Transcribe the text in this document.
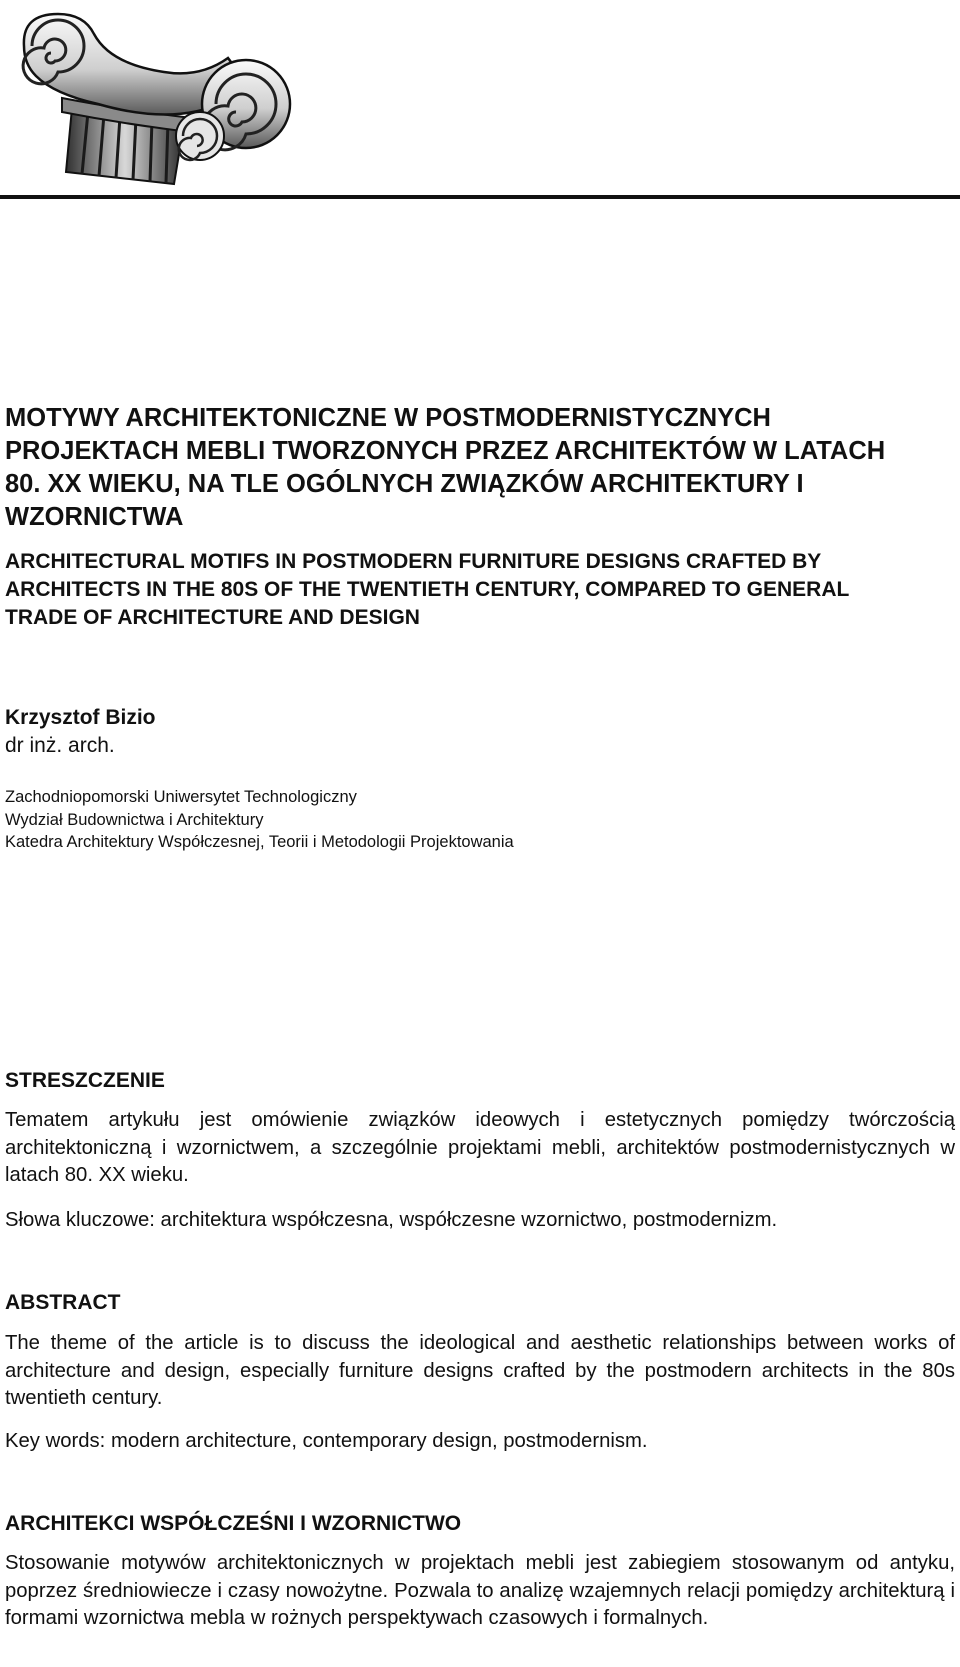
MOTYWY ARCHITEKTONICZNE W POSTMODERNISTYCZNYCH PROJEKTACH MEBLI TWORZONYCH PRZEZ ARCHITEKTÓW W LATACH 80. XX WIEKU, NA TLE OGÓLNYCH ZWIĄZKÓW ARCHITEKTURY I WZORNICTWA
ARCHITECTURAL MOTIFS IN POSTMODERN FURNITURE DESIGNS CRAFTED BY ARCHITECTS IN THE 80S OF THE TWENTIETH CENTURY, COMPARED TO GENERAL TRADE OF ARCHITECTURE AND DESIGN
Krzysztof Bizio
dr inż. arch.
Zachodniopomorski Uniwersytet Technologiczny
Wydział Budownictwa i Architektury
Katedra Architektury Współczesnej, Teorii i Metodologii Projektowania
STRESZCZENIE

Tematem artykułu jest omówienie związków ideowych i estetycznych pomiędzy twórczością architektoniczną i wzornictwem, a szczególnie projektami mebli, architektów postmodernistycznych w latach 80. XX wieku.

Słowa kluczowe: architektura współczesna, współczesne wzornictwo, postmodernizm.

ABSTRACT

The theme of the article is to discuss the ideological and aesthetic relationships between works of architecture and design, especially furniture designs crafted by the postmodern architects in the 80s twentieth century.

Key words: modern architecture, contemporary design, postmodernism.

ARCHITEKCI WSPÓŁCZEŚNI I WZORNICTWO

Stosowanie motywów architektonicznych w projektach mebli jest zabiegiem stosowanym od antyku, poprzez średniowiecze i czasy nowożytne. Pozwala to analizę wzajemnych relacji pomiędzy architekturą i formami wzornictwa mebla w rożnych perspektywach czasowych i formalnych.
